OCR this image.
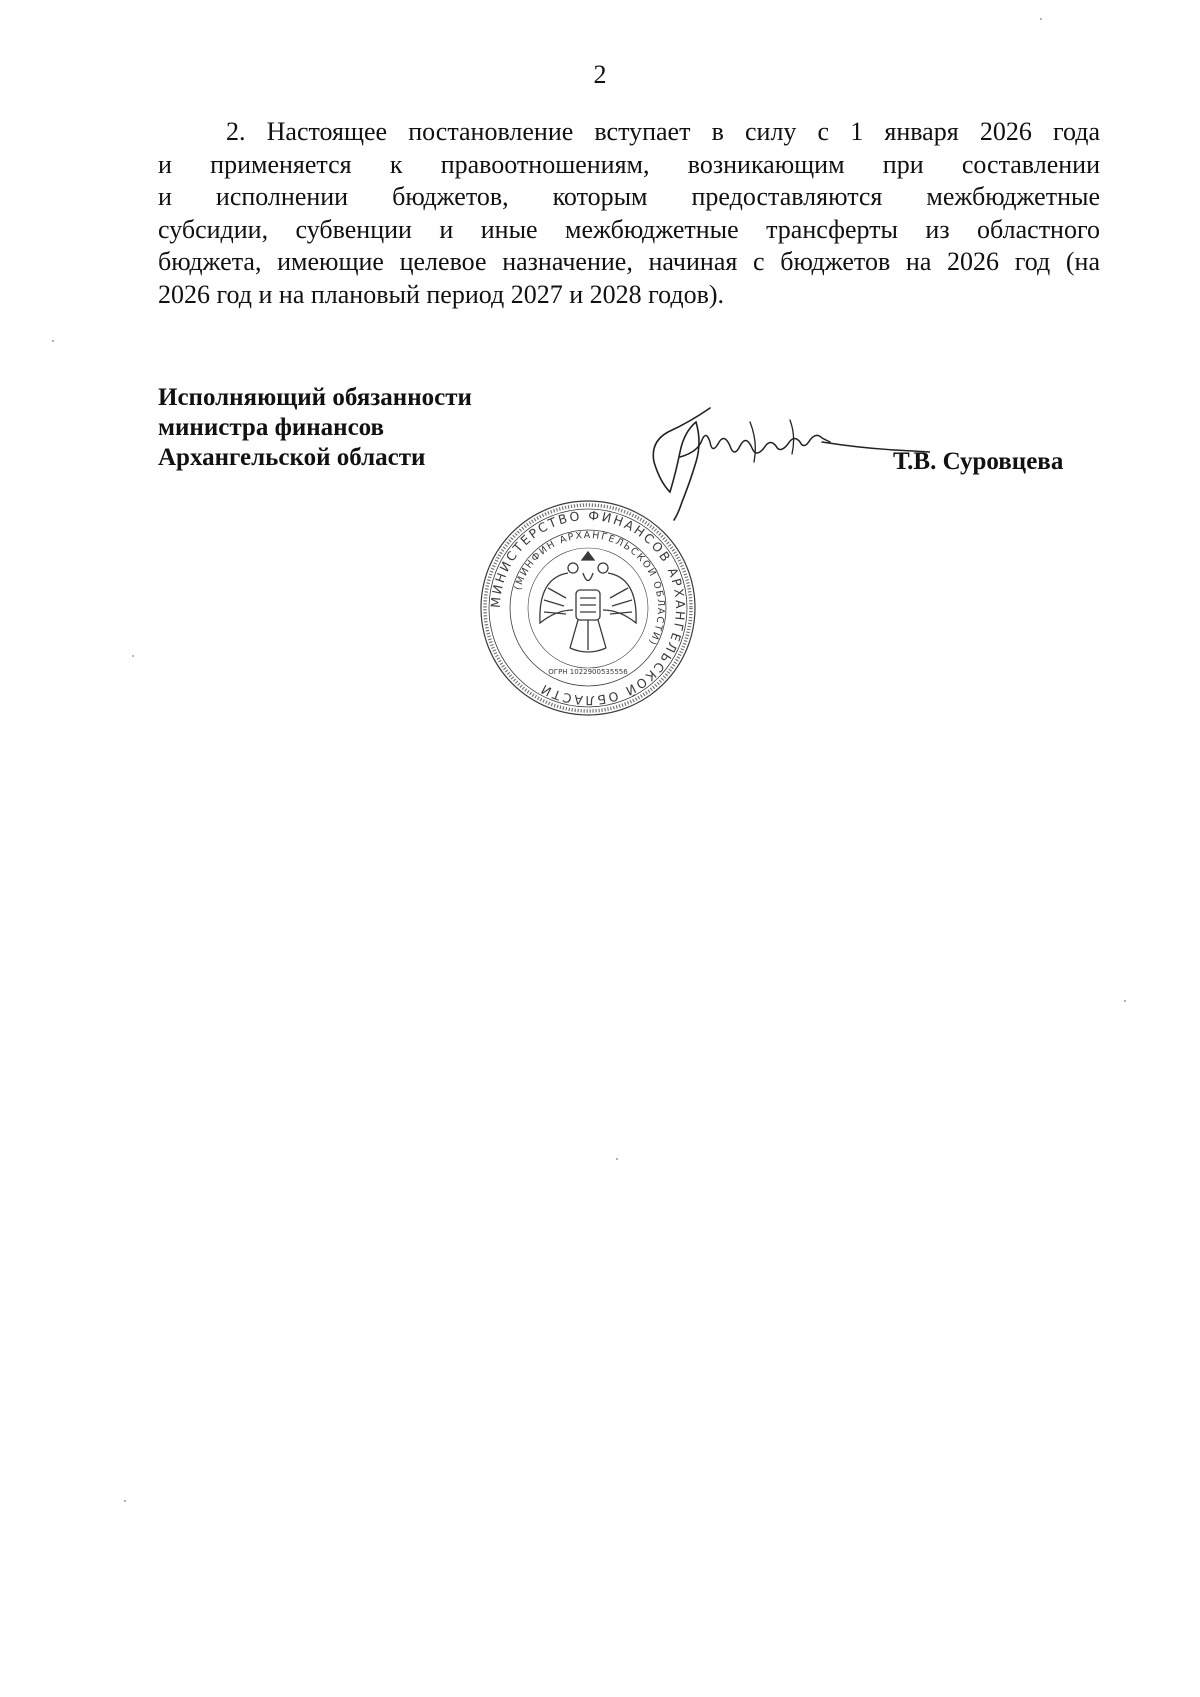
2
2. Настоящее постановление вступает в силу с 1 января 2026 года
и применяется к правоотношениям, возникающим при составлении
и исполнении бюджетов, которым предоставляются межбюджетные
субсидии, субвенции и иные межбюджетные трансферты из областного
бюджета, имеющие целевое назначение, начиная с бюджетов на 2026 год (на
2026 год и на плановый период 2027 и 2028 годов).
Исполняющий обязанности
министра финансов
Архангельской области
МИНИСТЕРСТВО ФИНАНСОВ АРХАНГЕЛЬСКОЙ ОБЛАСТИ
(МИНФИН АРХАНГЕЛЬСКОЙ ОБЛАСТИ)
ОГРН 1022900535556
Т.В. Суровцева
